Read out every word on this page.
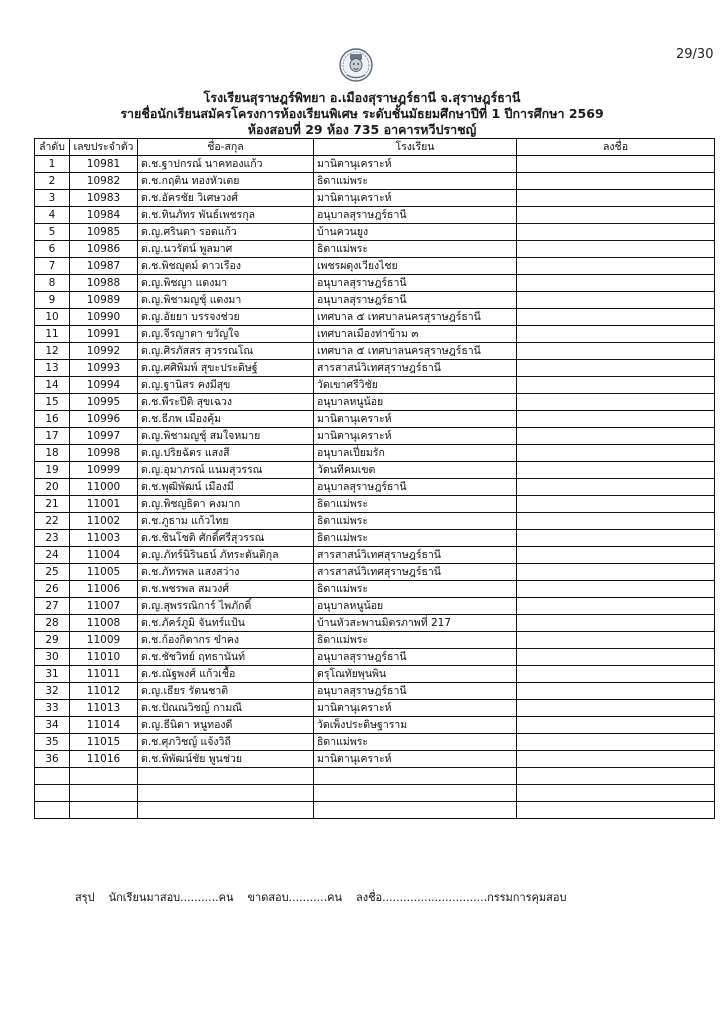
29/30
โรงเรียนสุราษฎร์พิทยา อ.เมืองสุราษฎร์ธานี จ.สุราษฎร์ธานี
รายชื่อนักเรียนสมัครโครงการห้องเรียนพิเศษ ระดับชั้นมัธยมศึกษาปีที่ 1 ปีการศึกษา 2569
ห้องสอบที่ 29 ห้อง 735 อาคารหวีปราชญ์
ลำดับ	เลขประจำตัว	ชื่อ-สกุล	โรงเรียน	ลงชื่อ
1	10981	ด.ช.ฐาปกรณ์ นาคทองแก้ว	มานิตานุเคราะห์	
2	10982	ด.ช.กฤติน ทองหัวเตย	ธิดาแม่พระ	
3	10983	ด.ช.อัครชัย วิเศษวงศ์	มานิตานุเคราะห์	
4	10984	ด.ช.ทินภัทร พันธ์เพชรกุล	อนุบาลสุราษฎร์ธานี	
5	10985	ด.ญ.ศรินดา รอดแก้ว	บ้านควนยูง	
6	10986	ด.ญ.นวรัตน์ พูลมาศ	ธิดาแม่พระ	
7	10987	ด.ช.พิชญุตม์ ดาวเรือง	เพชรผดุงเวียงไชย	
8	10988	ด.ญ.พิชญา แดงมา	อนุบาลสุราษฎร์ธานี	
9	10989	ด.ญ.พิชามญชุ์ แดงมา	อนุบาลสุราษฎร์ธานี	
10	10990	ด.ญ.อัยยา บรรจงช่วย	เทศบาล ๕ เทศบาลนครสุราษฎร์ธานี	
11	10991	ด.ญ.จีรญาดา ขวัญใจ	เทศบาลเมืองท่าข้าม ๓	
12	10992	ด.ญ.ศิรภัสสร สุวรรณโณ	เทศบาล ๕ เทศบาลนครสุราษฎร์ธานี	
13	10993	ด.ญ.ศศิพิมพ์ สุขะประดิษฐ์	สารสาสน์วิเทศสุราษฎร์ธานี	
14	10994	ด.ญ.ฐานิสร คงมีสุข	วัดเขาศรีวิชัย	
15	10995	ด.ช.พีระปีติ สุขเฉวง	อนุบาลหนูน้อย	
16	10996	ด.ช.ธีภพ เมืองคุ้ม	มานิตานุเคราะห์	
17	10997	ด.ญ.พิชามญชุ์ สมใจหมาย	มานิตานุเคราะห์	
18	10998	ด.ญ.ปริยฉัตร แสงสี	อนุบาลเปี่ยมรัก	
19	10999	ด.ญ.อุมาภรณ์ แนมสุวรรณ	วัดนทีคมเขต	
20	11000	ด.ช.พุฒิพัฒน์ เมืองมี	อนุบาลสุราษฎร์ธานี	
21	11001	ด.ญ.พิชญธิดา คงมาก	ธิดาแม่พระ	
22	11002	ด.ช.ภูธาม แก้วไทย	ธิดาแม่พระ	
23	11003	ด.ช.ชินโชติ ศักดิ์ศรีสุวรรณ	ธิดาแม่พระ	
24	11004	ด.ญ.ภัทร์นิรินธน์ ภัทระตันติกุล	สารสาสน์วิเทศสุราษฎร์ธานี	
25	11005	ด.ช.ภัทรพล แสงสว่าง	สารสาสน์วิเทศสุราษฎร์ธานี	
26	11006	ด.ช.พชรพล สมวงศ์	ธิดาแม่พระ	
27	11007	ด.ญ.สุพรรณิการ์ ไพภักดิ์	อนุบาลหนูน้อย	
28	11008	ด.ช.ภัคร์ภูมิ จันทร์แป้น	บ้านหัวสะพานมิตรภาพที่ 217	
29	11009	ด.ช.ก้องกิดากร ขำคง	ธิดาแม่พระ	
30	11010	ด.ช.ชัชวิทย์ ฤทธานันท์	อนุบาลสุราษฎร์ธานี	
31	11011	ด.ช.ณัฐพงศ์ แก้วเชื้อ	ดรุโณทัยพุนพิน	
32	11012	ด.ญ.เธียร รัตนชาติ	อนุบาลสุราษฎร์ธานี	
33	11013	ด.ช.ปัณณวิชญ์ กามณี	มานิตานุเคราะห์	
34	11014	ด.ญ.ธีนิดา หนูทองดี	วัดเพ็งประดิษฐาราม	
35	11015	ด.ช.ศุภวิชญ์ แจ้งวิถี	ธิดาแม่พระ	
36	11016	ด.ช.พิพัฒน์ชัย พูนช่วย	มานิตานุเคราะห์	

สรุป นักเรียนมาสอบ...........คน ขาดสอบ...........คน ลงชื่อ..............................กรรมการคุมสอบ
